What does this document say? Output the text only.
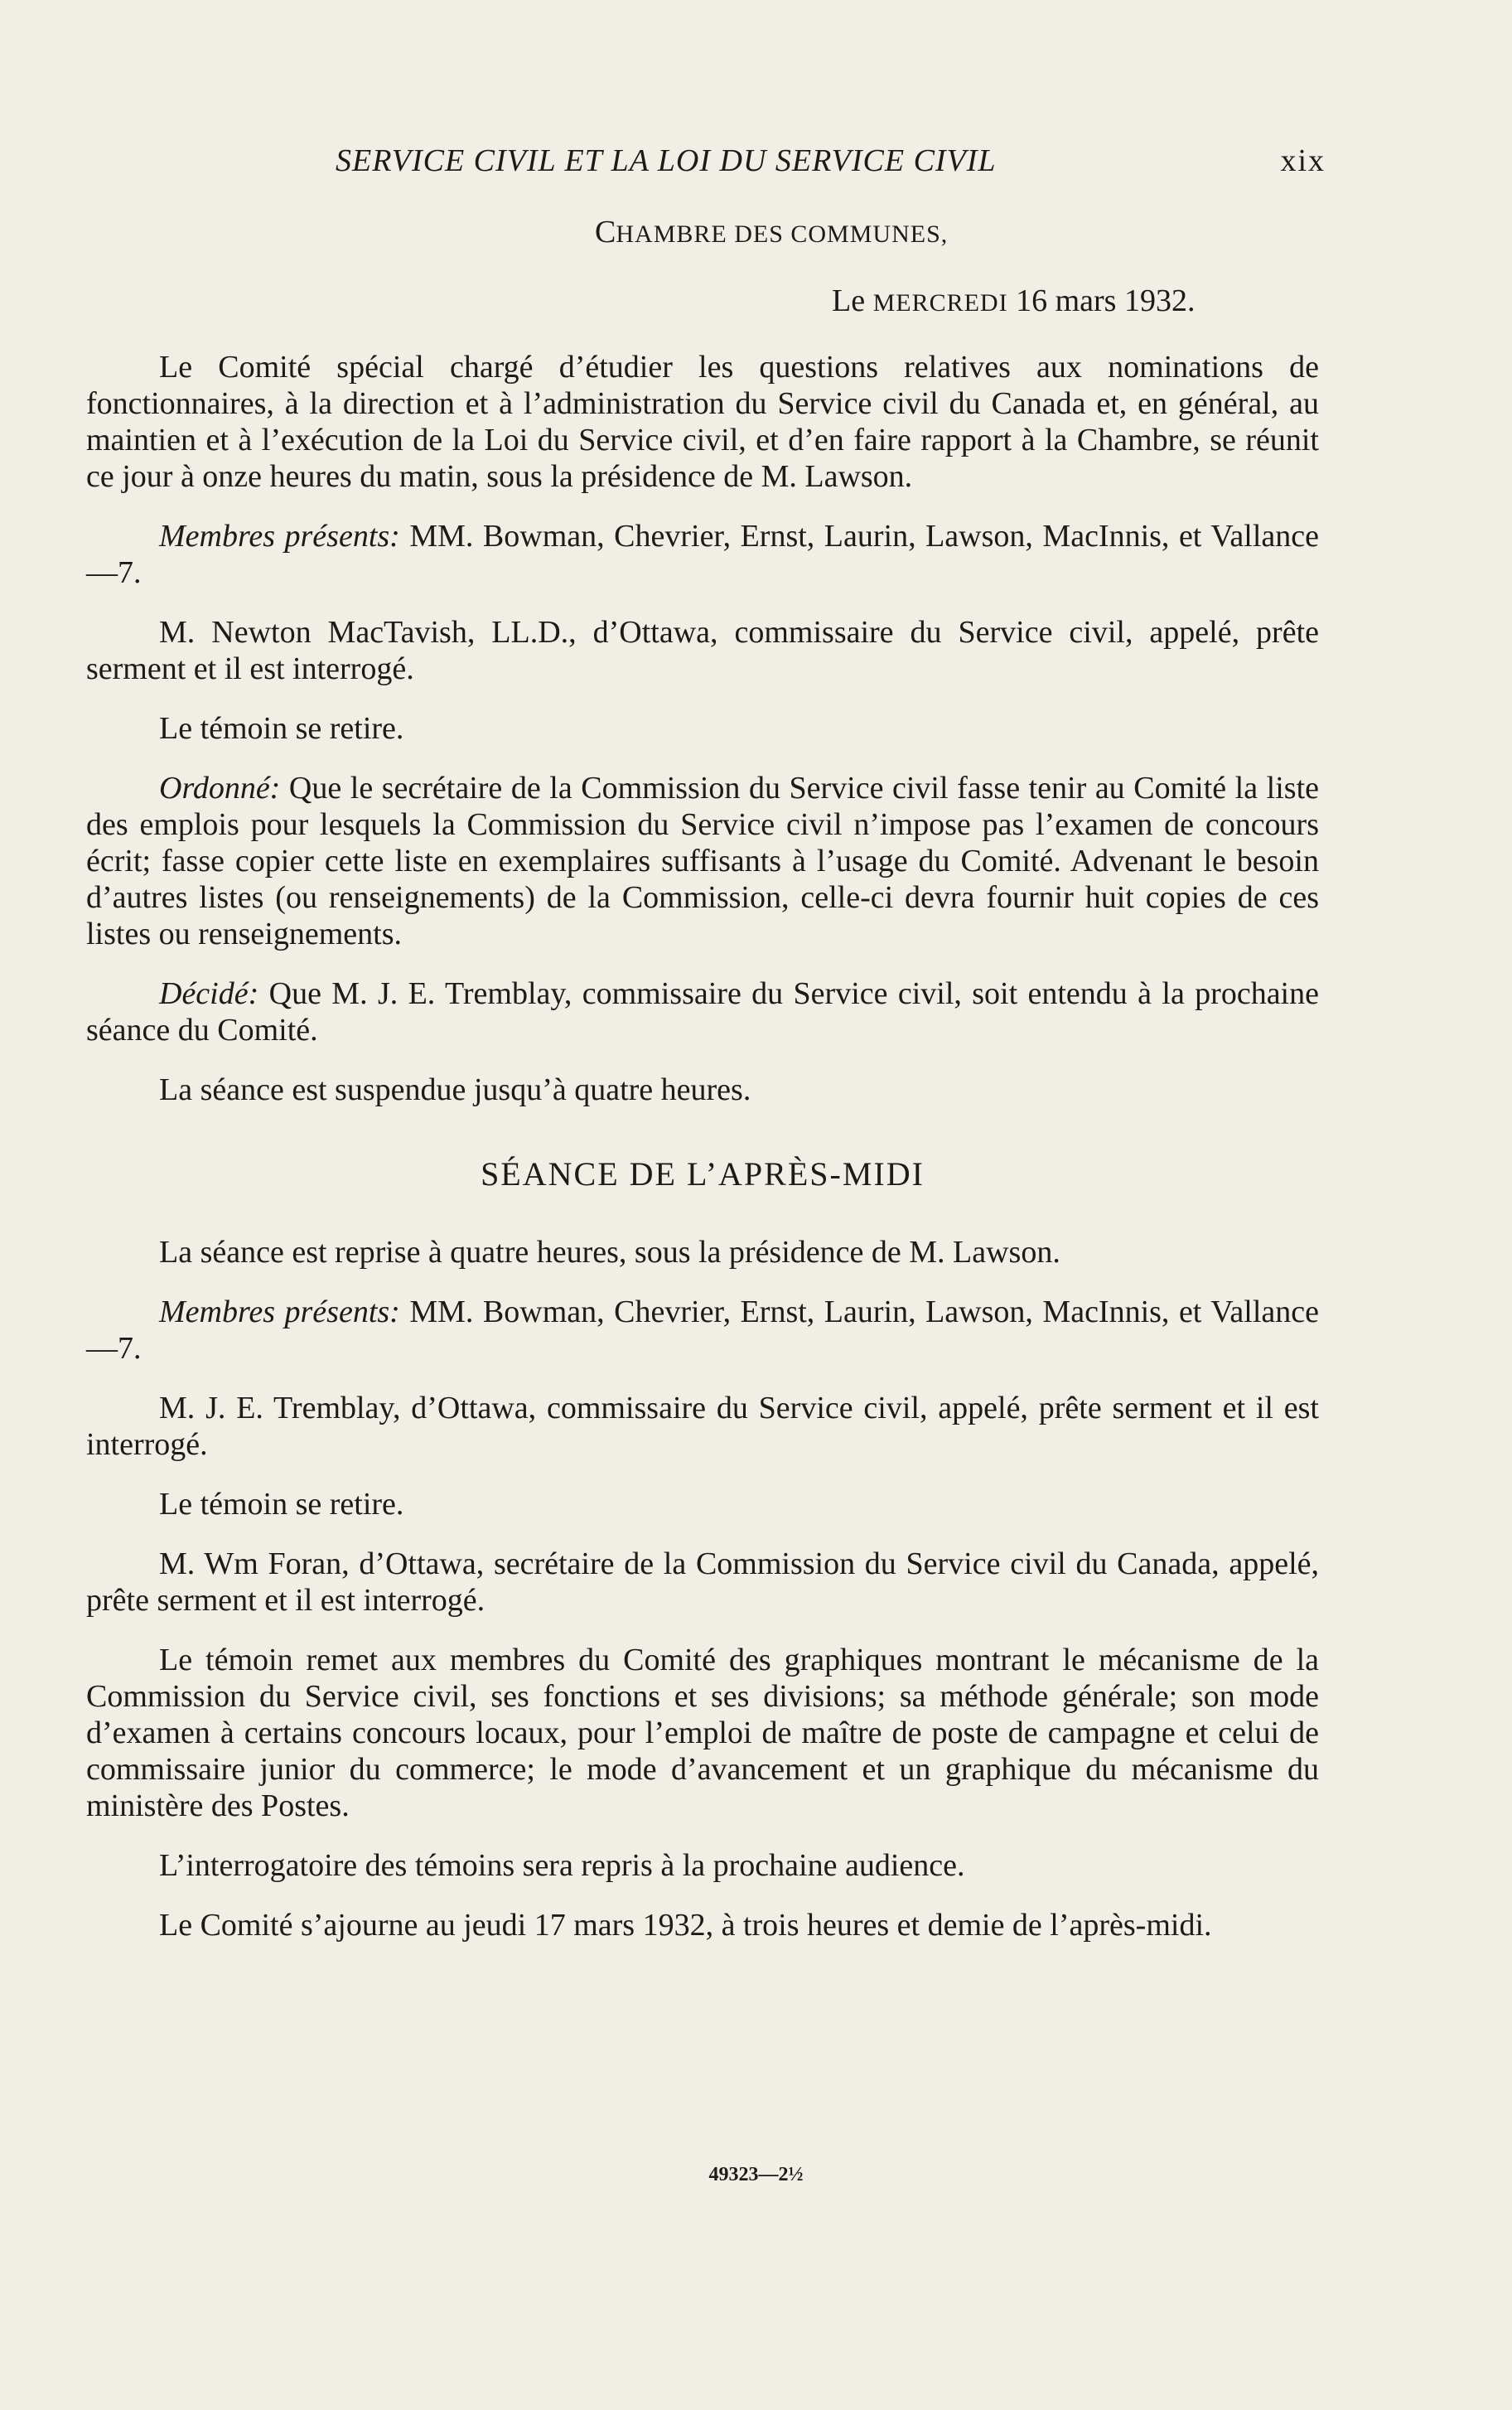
SERVICE CIVIL ET LA LOI DU SERVICE CIVIL	xix
CHAMBRE DES COMMUNES,
Le MERCREDI 16 mars 1932.

Le Comité spécial chargé d’étudier les questions relatives aux nominations de fonctionnaires, à la direction et à l’administration du Service civil du Canada et, en général, au maintien et à l’exécution de la Loi du Service civil, et d’en faire rapport à la Chambre, se réunit ce jour à onze heures du matin, sous la présidence de M. Lawson.

Membres présents: MM. Bowman, Chevrier, Ernst, Laurin, Lawson, MacInnis, et Vallance—7.

M. Newton MacTavish, LL.D., d’Ottawa, commissaire du Service civil, appelé, prête serment et il est interrogé.

Le témoin se retire.

Ordonné: Que le secrétaire de la Commission du Service civil fasse tenir au Comité la liste des emplois pour lesquels la Commission du Service civil n’impose pas l’examen de concours écrit; fasse copier cette liste en exemplaires suffisants à l’usage du Comité. Advenant le besoin d’autres listes (ou renseignements) de la Commission, celle-ci devra fournir huit copies de ces listes ou renseignements.

Décidé: Que M. J. E. Tremblay, commissaire du Service civil, soit entendu à la prochaine séance du Comité.

La séance est suspendue jusqu’à quatre heures.

SÉANCE DE L’APRÈS-MIDI

La séance est reprise à quatre heures, sous la présidence de M. Lawson.

Membres présents: MM. Bowman, Chevrier, Ernst, Laurin, Lawson, MacInnis, et Vallance—7.

M. J. E. Tremblay, d’Ottawa, commissaire du Service civil, appelé, prête serment et il est interrogé.

Le témoin se retire.

M. Wm Foran, d’Ottawa, secrétaire de la Commission du Service civil du Canada, appelé, prête serment et il est interrogé.

Le témoin remet aux membres du Comité des graphiques montrant le mécanisme de la Commission du Service civil, ses fonctions et ses divisions; sa méthode générale; son mode d’examen à certains concours locaux, pour l’emploi de maître de poste de campagne et celui de commissaire junior du commerce; le mode d’avancement et un graphique du mécanisme du ministère des Postes.

L’interrogatoire des témoins sera repris à la prochaine audience.

Le Comité s’ajourne au jeudi 17 mars 1932, à trois heures et demie de l’après-midi.

49323—2½
